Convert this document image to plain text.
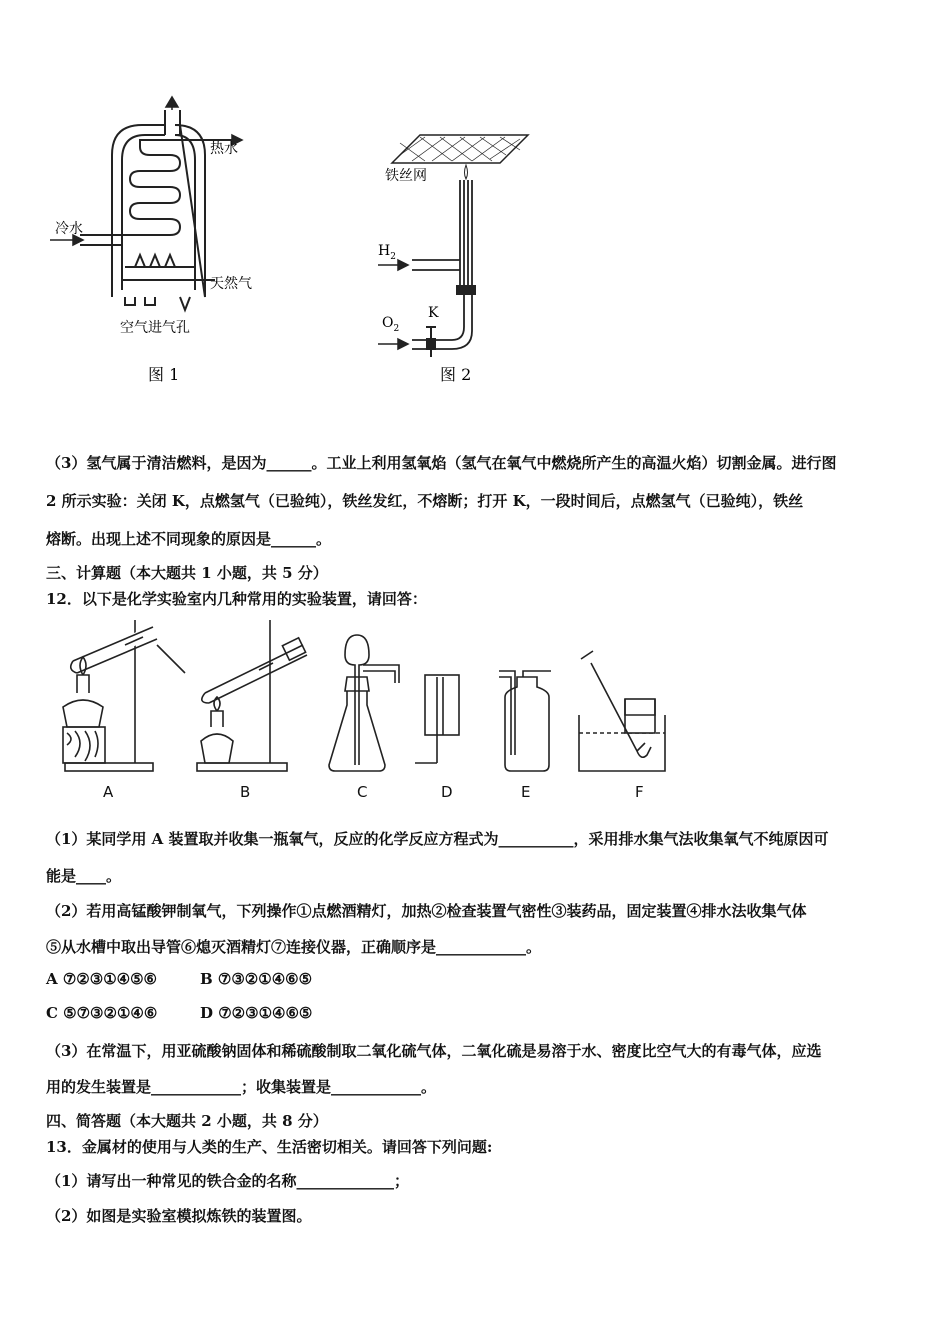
热水
冷水
天然气
空气进气孔
图 1
铁丝网
$H_2$
$O_2$
K
图 2
（3）氢气属于清洁燃料，是因为______。工业上利用氢氧焰（氢气在氧气中燃烧所产生的高温火焰）切割金属。进行图
2 所示实验：关闭 K，点燃氢气（已验纯），铁丝发红，不熔断；打开 K，一段时间后，点燃氢气（已验纯），铁丝
熔断。出现上述不同现象的原因是______。
三、计算题（本大题共 1 小题，共 5 分）
12．以下是化学实验室内几种常用的实验装置，请回答：
A	B	C	D	E	F
（1）某同学用 A 装置取并收集一瓶氧气，反应的化学反应方程式为__________，采用排水集气法收集氧气不纯原因可
能是____。
（2）若用高锰酸钾制氧气，下列操作①点燃酒精灯，加热②检查装置气密性③装药品，固定装置④排水法收集气体
⑤从水槽中取出导管⑥熄灭酒精灯⑦连接仪器，正确顺序是____________。
A ⑦②③①④⑤⑥	B ⑦③②①④⑥⑤
C ⑤⑦③②①④⑥	D ⑦②③①④⑥⑤
（3）在常温下，用亚硫酸钠固体和稀硫酸制取二氧化硫气体，二氧化硫是易溶于水、密度比空气大的有毒气体，应选
用的发生装置是____________；收集装置是____________。
四、简答题（本大题共 2 小题，共 8 分）
13．金属材的使用与人类的生产、生活密切相关。请回答下列问题:
（1）请写出一种常见的铁合金的名称_____________；
（2）如图是实验室模拟炼铁的装置图。
